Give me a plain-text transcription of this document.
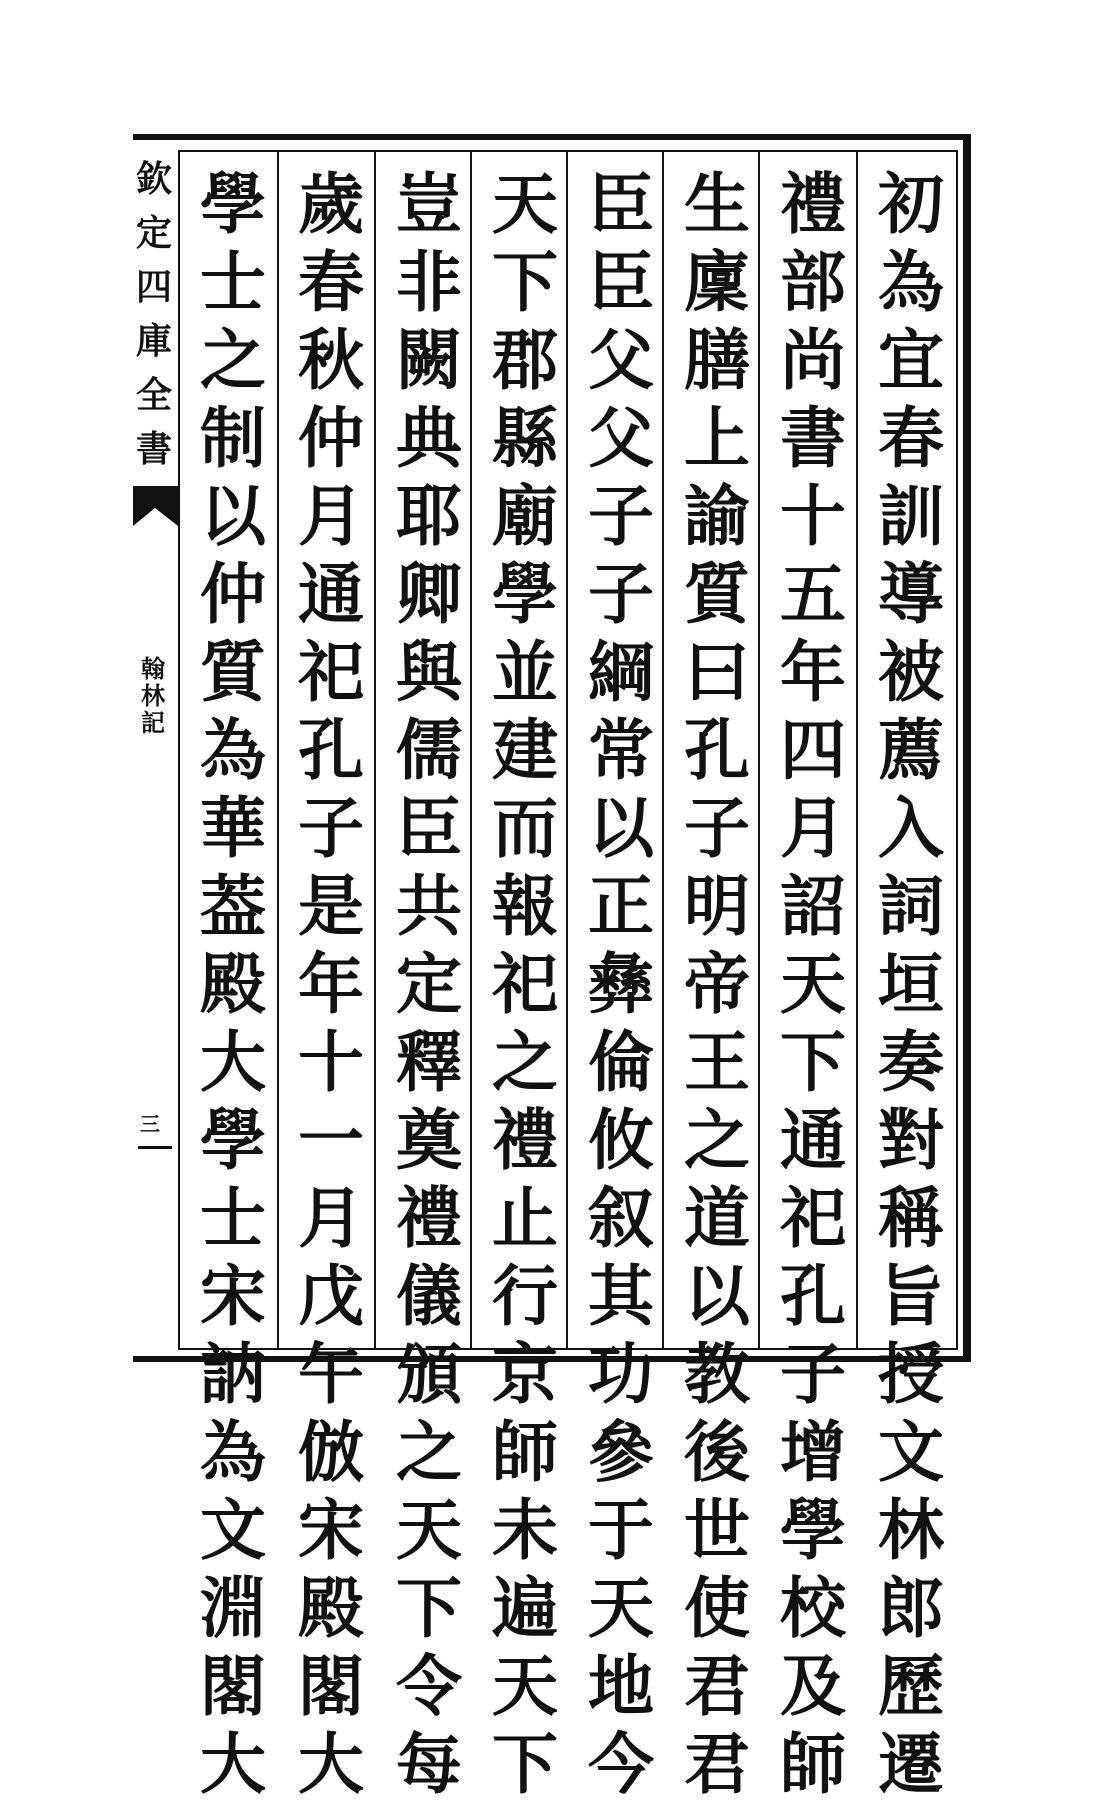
欽
定
四
庫
全
書
翰
林
記
三
初
為
宜
春
訓
導
被
薦
入
詞
垣
奏
對
稱
旨
授
文
林
郎
歷
遷
禮
部
尚
書
十
五
年
四
月
詔
天
下
通
祀
孔
子
增
學
校
及
師
生
廩
膳
上
諭
質
曰
孔
子
明
帝
王
之
道
以
教
後
世
使
君
君
臣
臣
父
父
子
子
綱
常
以
正
彝
倫
攸
叙
其
功
參
于
天
地
今
天
下
郡
縣
廟
學
並
建
而
報
祀
之
禮
止
行
京
師
未
遍
天
下
豈
非
闕
典
耶
卿
與
儒
臣
共
定
釋
奠
禮
儀
頒
之
天
下
令
每
歲
春
秋
仲
月
通
祀
孔
子
是
年
十
一
月
戊
午
倣
宋
殿
閣
大
學
士
之
制
以
仲
質
為
華
葢
殿
大
學
士
宋
訥
為
文
淵
閣
大
